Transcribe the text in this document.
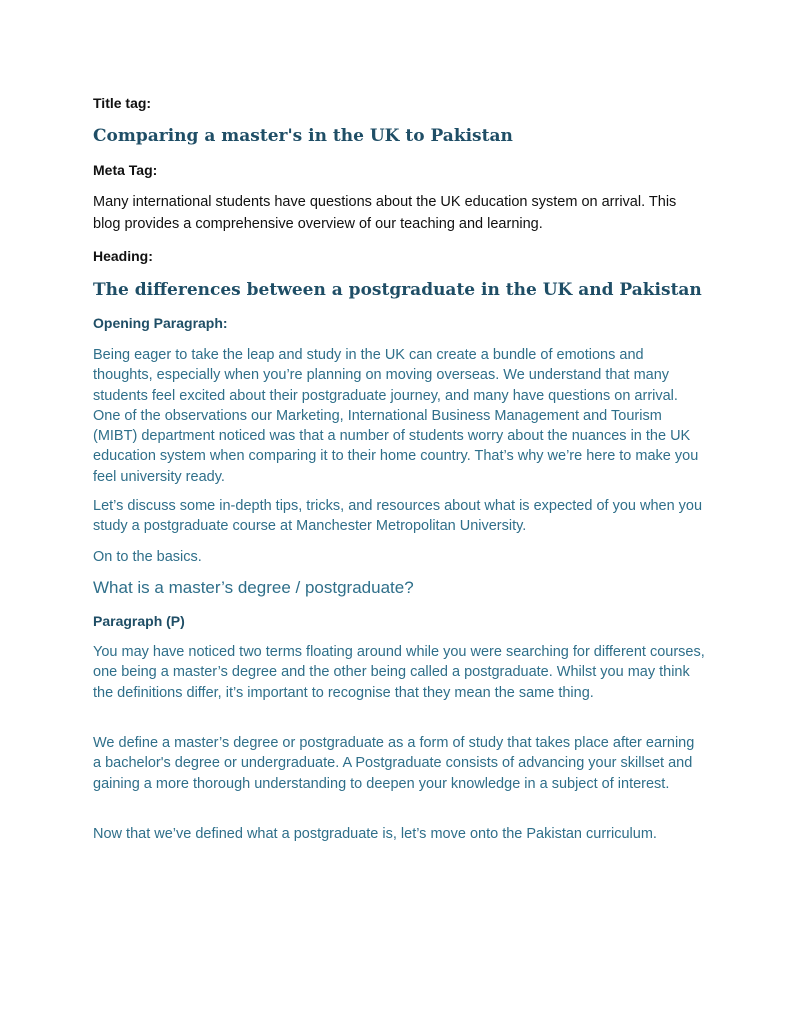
Title tag:
Comparing a master's in the UK to Pakistan
Meta Tag:
Many international students have questions about the UK education system on arrival. This blog provides a comprehensive overview of our teaching and learning.
Heading:
The differences between a postgraduate in the UK and Pakistan
Opening Paragraph:
Being eager to take the leap and study in the UK can create a bundle of emotions and thoughts, especially when you’re planning on moving overseas. We understand that many students feel excited about their postgraduate journey, and many have questions on arrival. One of the observations our Marketing, International Business Management and Tourism (MIBT) department noticed was that a number of students worry about the nuances in the UK education system when comparing it to their home country. That’s why we’re here to make you feel university ready.
Let’s discuss some in-depth tips, tricks, and resources about what is expected of you when you study a postgraduate course at Manchester Metropolitan University.
On to the basics.
What is a master’s degree / postgraduate?
Paragraph (P)
You may have noticed two terms floating around while you were searching for different courses, one being a master’s degree and the other being called a postgraduate. Whilst you may think the definitions differ, it’s important to recognise that they mean the same thing.
We define a master’s degree or postgraduate as a form of study that takes place after earning a bachelor's degree or undergraduate. A Postgraduate consists of advancing your skillset and gaining a more thorough understanding to deepen your knowledge in a subject of interest.
Now that we’ve defined what a postgraduate is, let’s move onto the Pakistan curriculum.
